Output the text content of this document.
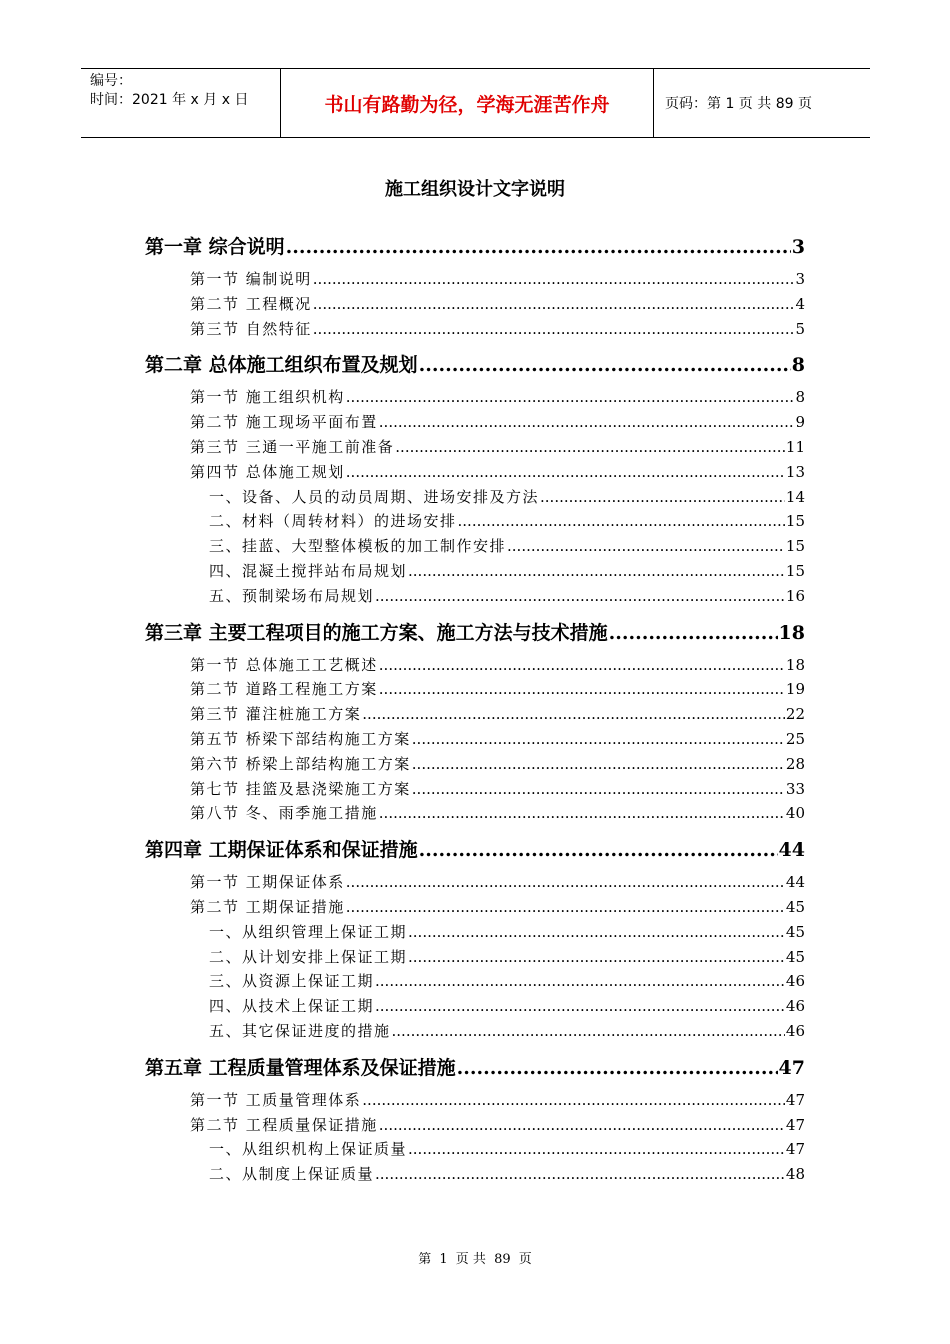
编号：
时间：2021 年 x 月 x 日	书山有路勤为径，学海无涯苦作舟	页码：第 1 页 共 89 页
施工组织设计文字说明
第一章 综合说明 .....	3
第一节 编制说明 .....	3
第二节 工程概况 .....	4
第三节 自然特征 .....	5
第二章 总体施工组织布置及规划 .....	8
第一节 施工组织机构 .....	8
第二节 施工现场平面布置 .....	9
第三节 三通一平施工前准备 .....	11
第四节 总体施工规划 .....	13
一、设备、人员的动员周期、进场安排及方法 .....	14
二、材料（周转材料）的进场安排 .....	15
三、挂蓝、大型整体模板的加工制作安排 .....	15
四、混凝土搅拌站布局规划 .....	15
五、预制梁场布局规划 .....	16
第三章 主要工程项目的施工方案、施工方法与技术措施 .....	18
第一节 总体施工工艺概述 .....	18
第二节 道路工程施工方案 .....	19
第三节 灌注桩施工方案 .....	22
第五节 桥梁下部结构施工方案 .....	25
第六节 桥梁上部结构施工方案 .....	28
第七节 挂篮及悬浇梁施工方案 .....	33
第八节 冬、雨季施工措施 .....	40
第四章 工期保证体系和保证措施 .....	44
第一节 工期保证体系 .....	44
第二节 工期保证措施 .....	45
一、从组织管理上保证工期 .....	45
二、从计划安排上保证工期 .....	45
三、从资源上保证工期 .....	46
四、从技术上保证工期 .....	46
五、其它保证进度的措施 .....	46
第五章 工程质量管理体系及保证措施 .....	47
第一节 工质量管理体系 .....	47
第二节 工程质量保证措施 .....	47
一、从组织机构上保证质量 .....	47
二、从制度上保证质量 .....	48
第 1 页 共 89 页
